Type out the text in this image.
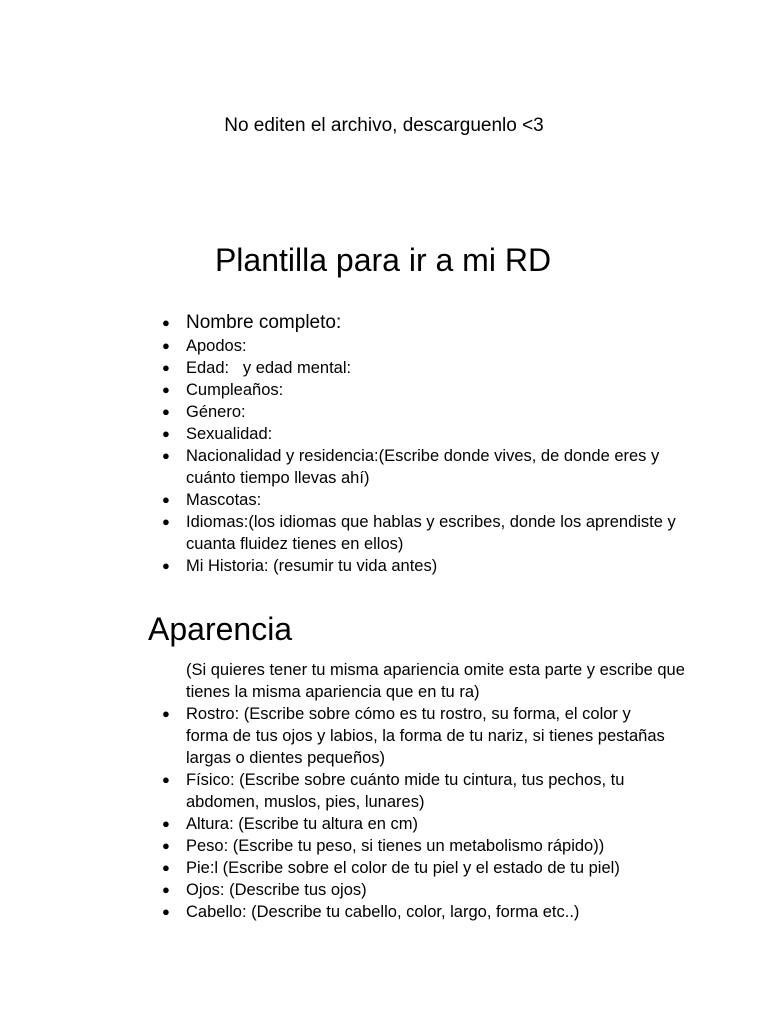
No editen el archivo, descarguenlo <3
Plantilla para ir a mi RD
● Nombre completo:
● Apodos:
● Edad:   y edad mental:
● Cumpleaños:
● Género:
● Sexualidad:
● Nacionalidad y residencia:(Escribe donde vives, de donde eres y cuánto tiempo llevas ahí)
● Mascotas:
● Idiomas:(los idiomas que hablas y escribes, donde los aprendiste y cuanta fluidez tienes en ellos)
● Mi Historia: (resumir tu vida antes)
Aparencia
(Si quieres tener tu misma apariencia omite esta parte y escribe que tienes la misma apariencia que en tu ra)
● Rostro: (Escribe sobre cómo es tu rostro, su forma, el color y forma de tus ojos y labios, la forma de tu nariz, si tienes pestañas largas o dientes pequeños)
● Físico: (Escribe sobre cuánto mide tu cintura, tus pechos, tu abdomen, muslos, pies, lunares)
● Altura: (Escribe tu altura en cm)
● Peso: (Escribe tu peso, si tienes un metabolismo rápido))
● Pie:l (Escribe sobre el color de tu piel y el estado de tu piel)
● Ojos: (Describe tus ojos)
● Cabello: (Describe tu cabello, color, largo, forma etc..)
